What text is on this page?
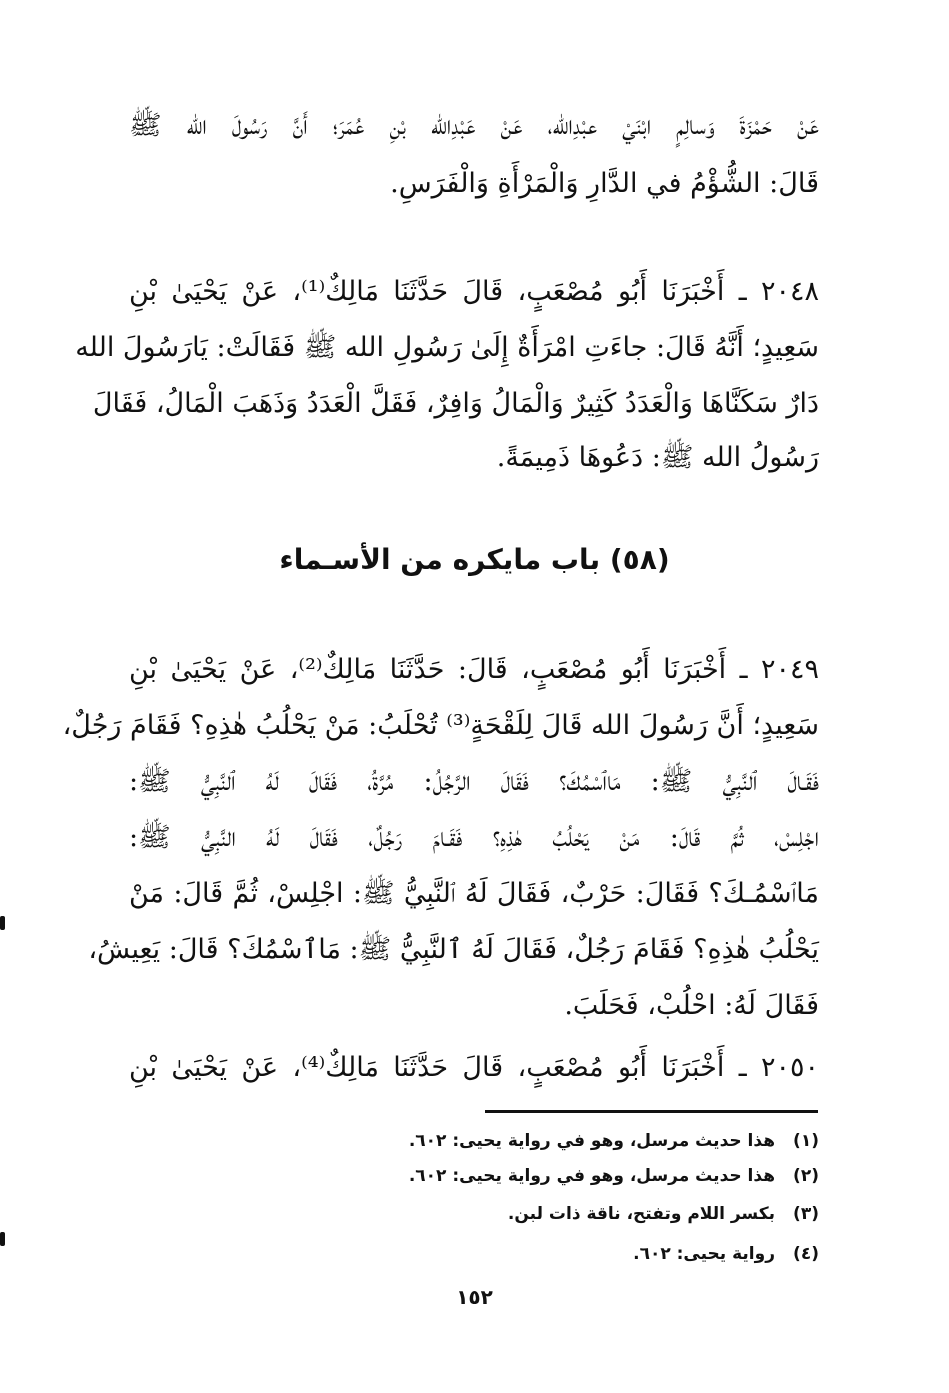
عَنْ حَمْزَةَ وَسالِمٍ ابْنَيْ عبْدِالله، عَنْ عَبْدِالله بْنِ عُمَرَ؛ أَنَّ رَسُولَ الله ﷺ
قَالَ: الشُّؤْمُ في الدَّارِ وَالْمَرْأَةِ وَالْفَرَسِ.
٢٠٤٨ ـ أَخْبَرَنَا أَبُو مُصْعَبٍ، قَالَ حَدَّثَنَا مَالِكٌ⁽¹⁾، عَنْ يَحْيَىٰ بْنِ
سَعِيدٍ؛ أَنَّهُ قَالَ: جاءَتِ امْرَأَةٌ إِلَىٰ رَسُولِ الله ﷺ فَقَالَتْ: يَارَسُولَ الله
دَارٌ سَكَنَّاهَا وَالْعَدَدُ كَثِيرٌ وَالْمَالُ وَافِرٌ، فَقَلَّ الْعَدَدُ وَذَهَبَ الْمَالُ، فَقَالَ
رَسُولُ الله ﷺ: دَعُوهَا ذَمِيمَةً.
(٥٨) باب مايكره من الأسـماء
٢٠٤٩ ـ أَخْبَرَنَا أَبُو مُصْعَبٍ، قَالَ: حَدَّثَنَا مَالِكٌ⁽²⁾، عَنْ يَحْيَىٰ بْنِ
سَعِيدٍ؛ أَنَّ رَسُولَ الله قَالَ لِلَقْحَةٍ⁽³⁾ تُحْلَبُ: مَنْ يَحْلُبُ هٰذِهِ؟ فَقَامَ رَجُلٌ،
فَقَـالَ ٱلنَّبِيُّ ﷺ: مَاٱسْمُكَ؟ فَقَالَ الرَّجُلُ: مُرَّةُ، فَقَالَ لَهُ ٱلنَّبِيُّ ﷺ:
اجْلِسْ، ثُمَّ قَالَ: مَنْ يَحْلُبُ هٰذِهِ؟ فَقَـامَ رَجُلٌ، فَقَالَ لَهُ النَّبِيُّ ﷺ:
مَاٱسْمُـكَ؟ فَقَالَ: حَرْبٌ، فَقَالَ لَهُ ٱلنَّبِيُّ ﷺ: اجْلِسْ، ثُمَّ قَالَ: مَنْ
يَحْلُبُ هٰذِهِ؟ فَقَامَ رَجُلٌ، فَقَالَ لَهُ ٱلنَّبِيُّ ﷺ: مَاٱسْمُكَ؟ قَالَ: يَعِيشُ،
فَقَالَ لَهُ: احْلُبْ، فَحَلَبَ.
٢٠٥٠ ـ أَخْبَرَنَا أَبُو مُصْعَبٍ، قَالَ حَدَّثَنَا مَالِكٌ⁽⁴⁾، عَنْ يَحْيَىٰ بْنِ
(١)هذا حديث مرسل، وهو في رواية يحيى: ٦٠٢.
(٢)هذا حديث مرسل، وهو في رواية يحيى: ٦٠٢.
(٣)بكسر اللام وتفتح، ناقة ذات لبن.
(٤)رواية يحيى: ٦٠٢.
١٥٢
